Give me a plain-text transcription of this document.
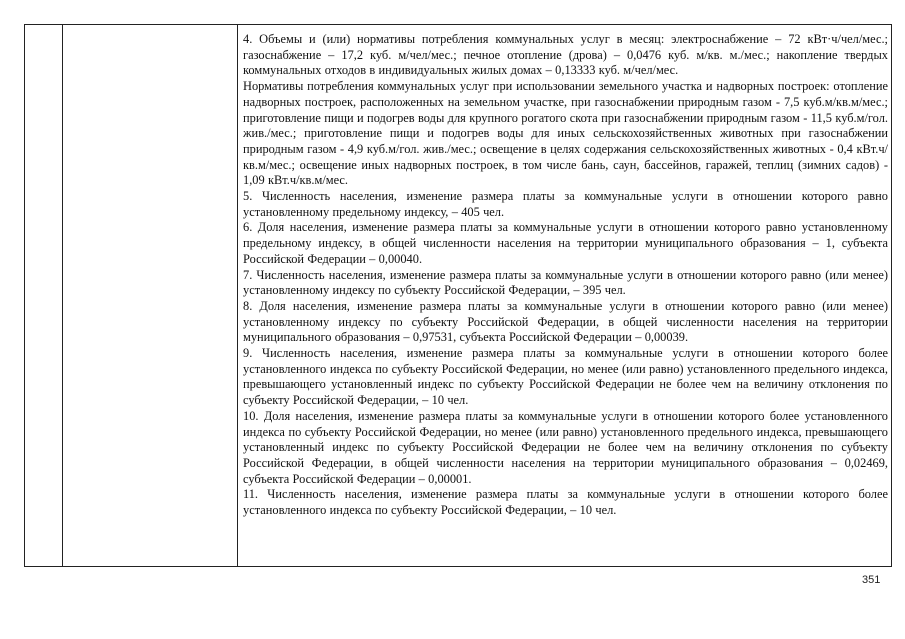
4. Объемы и (или) нормативы потребления коммунальных услуг в месяц: электроснабжение – 72 кВт·ч/чел/мес.; газоснабжение – 17,2 куб. м/чел/мес.; печное отопление (дрова) – 0,0476 куб. м/кв. м./мес.; накопление твердых коммунальных отходов в индивидуальных жилых домах – 0,13333 куб. м/чел/мес.

Нормативы потребления коммунальных услуг при использовании земельного участка и надворных построек: отопление надворных построек, расположенных на земельном участке, при газоснабжении природным газом - 7,5 куб.м/кв.м/мес.; приготовление пищи и подогрев воды для крупного рогатого скота при газоснабжении природным газом - 11,5 куб.м/гол. жив./мес.; приготовление пищи и подогрев воды для иных сельскохозяйственных животных при газоснабжении природным газом - 4,9 куб.м/гол. жив./мес.; освещение в целях содержания сельскохозяйственных животных - 0,4 кВт.ч/кв.м/мес.; освещение иных надворных построек, в том числе бань, саун, бассейнов, гаражей, теплиц (зимних садов) - 1,09 кВт.ч/кв.м/мес.

5. Численность населения, изменение размера платы за коммунальные услуги в отношении которого равно установленному предельному индексу, – 405 чел.

6. Доля населения, изменение размера платы за коммунальные услуги в отношении которого равно установленному предельному индексу, в общей численности населения на территории муниципального образования – 1, субъекта Российской Федерации – 0,00040.

7. Численность населения, изменение размера платы за коммунальные услуги в отношении которого равно (или менее) установленному индексу по субъекту Российской Федерации, – 395 чел.

8. Доля населения, изменение размера платы за коммунальные услуги в отношении которого равно (или менее) установленному индексу по субъекту Российской Федерации, в общей численности населения на территории муниципального образования – 0,97531, субъекта Российской Федерации – 0,00039.

9. Численность населения, изменение размера платы за коммунальные услуги в отношении которого более установленного индекса по субъекту Российской Федерации, но менее (или равно) установленного предельного индекса, превышающего установленный индекс по субъекту Российской Федерации не более чем на величину отклонения по субъекту Российской Федерации, – 10 чел.

10. Доля населения, изменение размера платы за коммунальные услуги в отношении которого более установленного индекса по субъекту Российской Федерации, но менее (или равно) установленного предельного индекса, превышающего установленный индекс по субъекту Российской Федерации не более чем на величину отклонения по субъекту Российской Федерации, в общей численности населения на территории муниципального образования – 0,02469, субъекта Российской Федерации – 0,00001.

11. Численность населения, изменение размера платы за коммунальные услуги в отношении которого более установленного индекса по субъекту Российской Федерации, – 10 чел.

351
